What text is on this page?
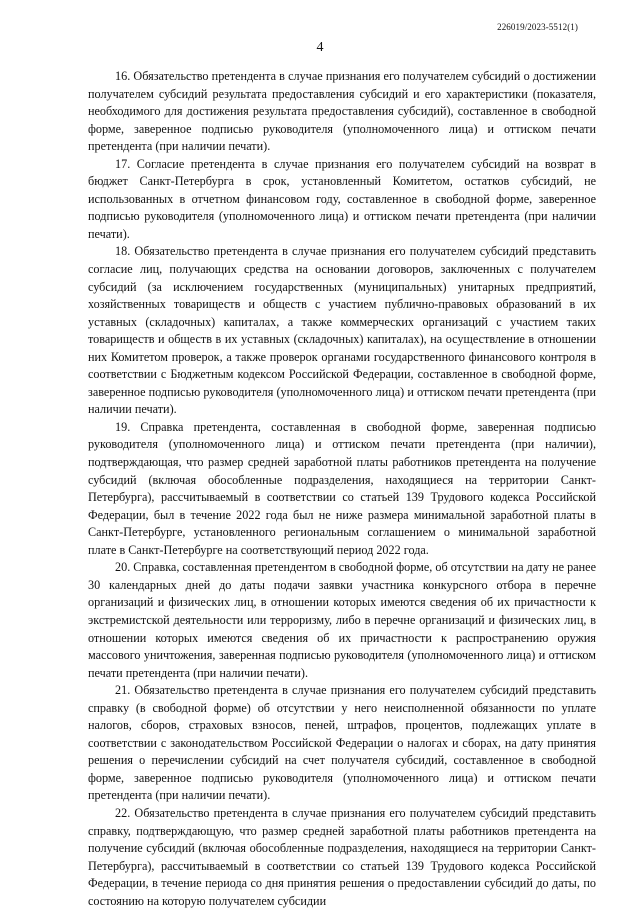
226019/2023-5512(1)
4

16. Обязательство претендента в случае признания его получателем субсидий о достижении получателем субсидий результата предоставления субсидий и его характеристики (показателя, необходимого для достижения результата предоставления субсидий), составленное в свободной форме, заверенное подписью руководителя (уполномоченного лица) и оттиском печати претендента (при наличии печати).

17. Согласие претендента в случае признания его получателем субсидий на возврат в бюджет Санкт-Петербурга в срок, установленный Комитетом, остатков субсидий, не использованных в отчетном финансовом году, составленное в свободной форме, заверенное подписью руководителя (уполномоченного лица) и оттиском печати претендента (при наличии печати).

18. Обязательство претендента в случае признания его получателем субсидий представить согласие лиц, получающих средства на основании договоров, заключенных с получателем субсидий (за исключением государственных (муниципальных) унитарных предприятий, хозяйственных товариществ и обществ с участием публично-правовых образований в их уставных (складочных) капиталах, а также коммерческих организаций с участием таких товариществ и обществ в их уставных (складочных) капиталах), на осуществление в отношении них Комитетом проверок, а также проверок органами государственного финансового контроля в соответствии с Бюджетным кодексом Российской Федерации, составленное в свободной форме, заверенное подписью руководителя (уполномоченного лица) и оттиском печати претендента (при наличии печати).

19. Справка претендента, составленная в свободной форме, заверенная подписью руководителя (уполномоченного лица) и оттиском печати претендента (при наличии), подтверждающая, что размер средней заработной платы работников претендента на получение субсидий (включая обособленные подразделения, находящиеся на территории Санкт-Петербурга), рассчитываемый в соответствии со статьей 139 Трудового кодекса Российской Федерации, был в течение 2022 года был не ниже размера минимальной заработной платы в Санкт-Петербурге, установленного региональным соглашением о минимальной заработной плате в Санкт-Петербурге на соответствующий период 2022 года.

20. Справка, составленная претендентом в свободной форме, об отсутствии на дату не ранее 30 календарных дней до даты подачи заявки участника конкурсного отбора в перечне организаций и физических лиц, в отношении которых имеются сведения об их причастности к экстремистской деятельности или терроризму, либо в перечне организаций и физических лиц, в отношении которых имеются сведения об их причастности к распространению оружия массового уничтожения, заверенная подписью руководителя (уполномоченного лица) и оттиском печати претендента (при наличии печати).

21. Обязательство претендента в случае признания его получателем субсидий представить справку (в свободной форме) об отсутствии у него неисполненной обязанности по уплате налогов, сборов, страховых взносов, пеней, штрафов, процентов, подлежащих уплате в соответствии с законодательством Российской Федерации о налогах и сборах, на дату принятия решения о перечислении субсидий на счет получателя субсидий, составленное в свободной форме, заверенное подписью руководителя (уполномоченного лица) и оттиском печати претендента (при наличии печати).

22. Обязательство претендента в случае признания его получателем субсидий представить справку, подтверждающую, что размер средней заработной платы работников претендента на получение субсидий (включая обособленные подразделения, находящиеся на территории Санкт-Петербурга), рассчитываемый в соответствии со статьей 139 Трудового кодекса Российской Федерации, в течение периода со дня принятия решения о предоставлении субсидий до даты, по состоянию на которую получателем субсидии
